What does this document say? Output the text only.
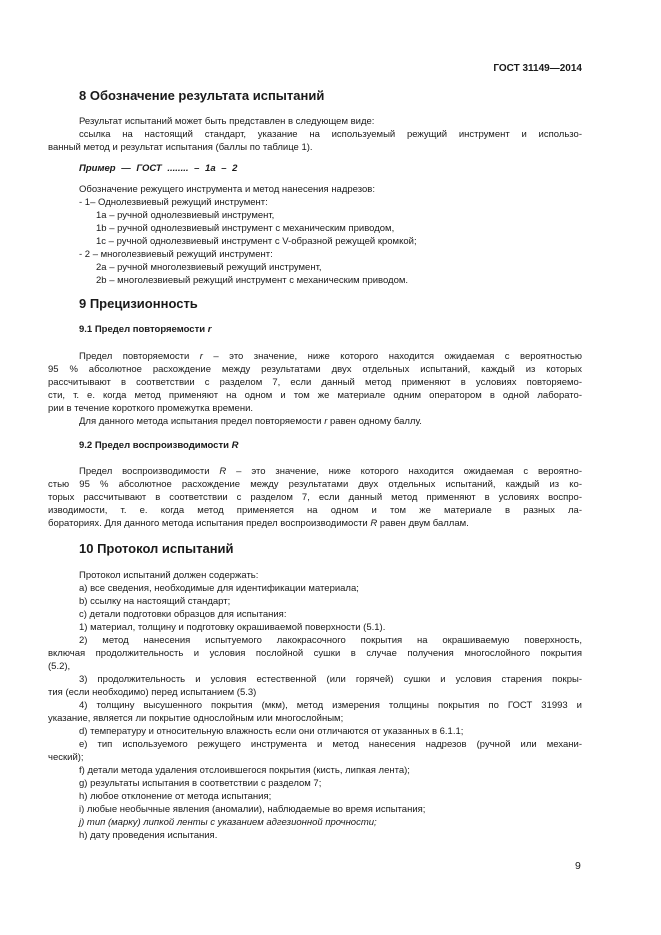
ГОСТ 31149—2014
8 Обозначение результата испытаний
Результат испытаний может быть представлен в следующем виде:
ссылка на настоящий стандарт, указание на используемый режущий инструмент и использо-
ванный метод и результат испытания (баллы по таблице 1).
Пример — ГОСТ ........ – 1а – 2
Обозначение режущего инструмента и метод нанесения надрезов:
- 1– Однолезвиевый режущий инструмент:
1а – ручной однолезвиевый инструмент,
1b – ручной однолезвиевый инструмент с механическим приводом,
1с – ручной однолезвиевый инструмент с V-образной режущей кромкой;
- 2 – многолезвиевый режущий инструмент:
2а – ручной многолезвиевый режущий инструмент,
2b – многолезвиевый режущий инструмент с механическим приводом.
9 Прецизионность
9.1 Предел повторяемости r
Предел повторяемости r – это значение, ниже которого находится ожидаемая с вероятностью
95 % абсолютное расхождение между результатами двух отдельных испытаний, каждый из которых
рассчитывают в соответствии с разделом 7, если данный метод применяют в условиях повторяемо-
сти, т. е. когда метод применяют на одном и том же материале одним оператором в одной лаборато-
рии в течение короткого промежутка времени.
Для данного метода испытания предел повторяемости r равен одному баллу.
9.2 Предел воспроизводимости R
Предел воспроизводимости R – это значение, ниже которого находится ожидаемая с вероятно-
стью 95 % абсолютное расхождение между результатами двух отдельных испытаний, каждый из ко-
торых рассчитывают в соответствии с разделом 7, если данный метод применяют в условиях воспро-
изводимости, т. е. когда метод применяется на одном и том же материале в разных ла-
бораториях. Для данного метода испытания предел воспроизводимости R равен двум баллам.
10 Протокол испытаний
Протокол испытаний должен содержать:
а) все сведения, необходимые для идентификации материала;
b) ссылку на настоящий стандарт;
с) детали подготовки образцов для испытания:
1) материал, толщину и подготовку окрашиваемой поверхности (5.1).
2) метод нанесения испытуемого лакокрасочного покрытия на окрашиваемую поверхность,
включая продолжительность и условия послойной сушки в случае получения многослойного покрытия
(5.2),
3) продолжительность и условия естественной (или горячей) сушки и условия старения покры-
тия (если необходимо) перед испытанием (5.3)
4) толщину высушенного покрытия (мкм), метод измерения толщины покрытия по ГОСТ 31993 и
указание, является ли покрытие однослойным или многослойным;
d) температуру и относительную влажность если они отличаются от указанных в 6.1.1;
е) тип используемого режущего инструмента и метод нанесения надрезов (ручной или механи-
ческий);
f) детали метода удаления отслоившегося покрытия (кисть, липкая лента);
g) результаты испытания в соответствии с разделом 7;
h) любое отклонение от метода испытания;
i) любые необычные явления (аномалии), наблюдаемые во время испытания;
j) тип (марку) липкой ленты с указанием адгезионной прочности;
h) дату проведения испытания.
9
